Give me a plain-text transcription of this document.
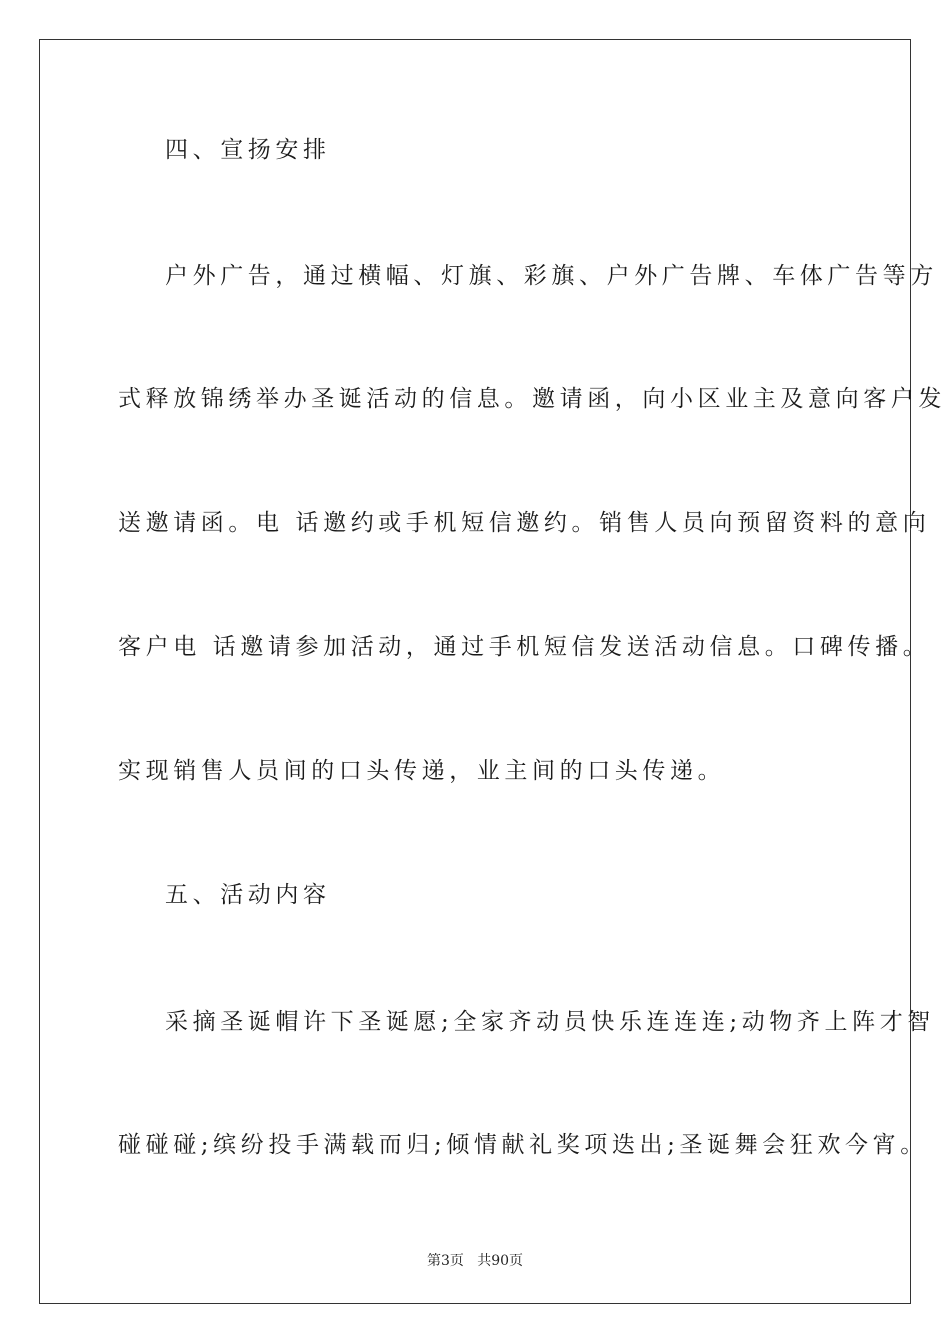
四、宣扬安排
户外广告，通过横幅、灯旗、彩旗、户外广告牌、车体广告等方
式释放锦绣举办圣诞活动的信息。邀请函，向小区业主及意向客户发
送邀请函。电 话邀约或手机短信邀约。销售人员向预留资料的意向
客户电 话邀请参加活动，通过手机短信发送活动信息。口碑传播。
实现销售人员间的口头传递，业主间的口头传递。
五、活动内容
采摘圣诞帽许下圣诞愿;全家齐动员快乐连连连;动物齐上阵才智
碰碰碰;缤纷投手满载而归;倾情献礼奖项迭出;圣诞舞会狂欢今宵。
第3页   共90页
